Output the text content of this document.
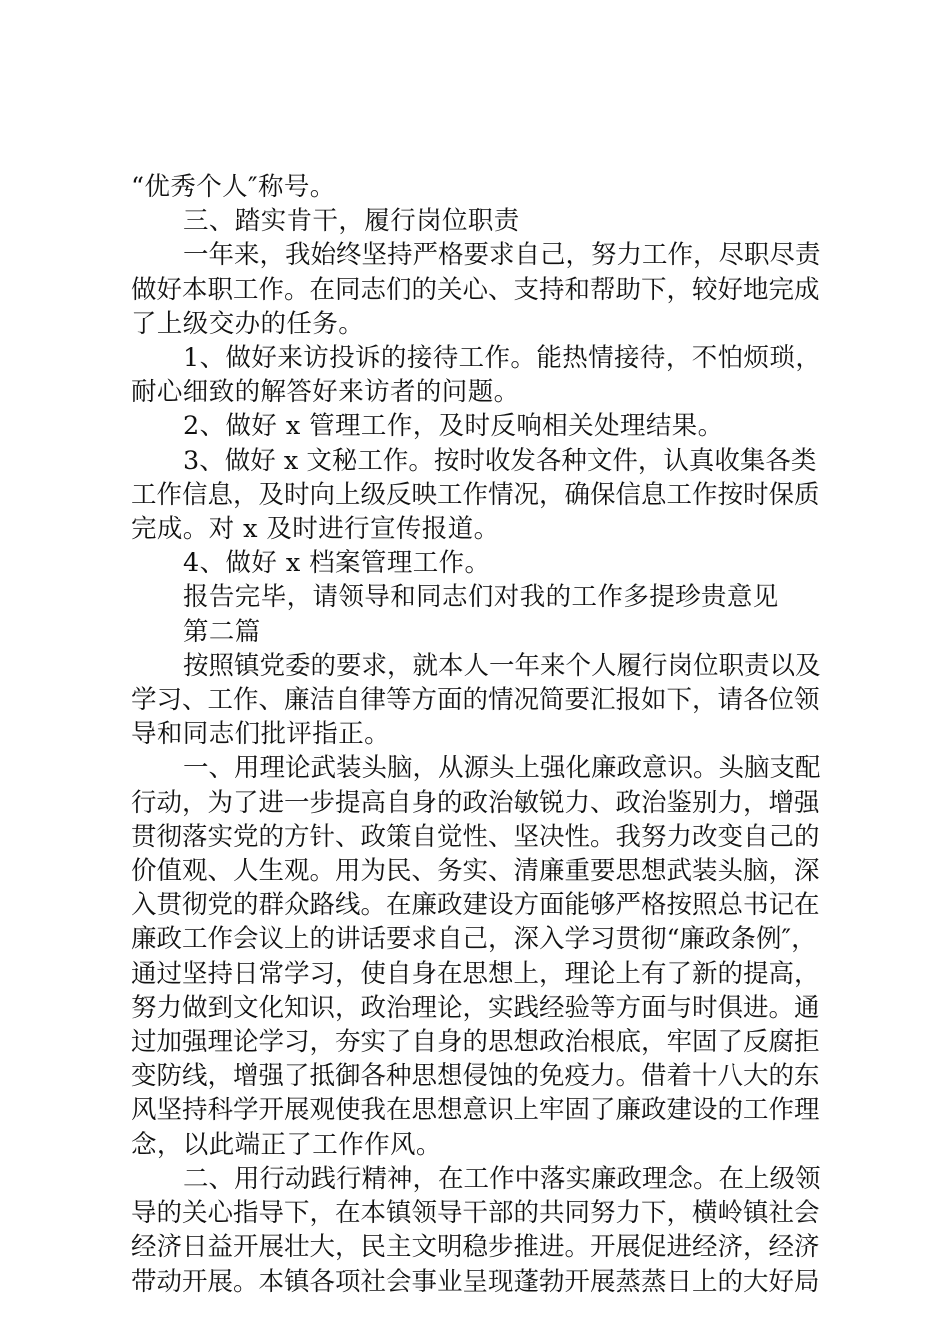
“优秀个人″称号。

三、踏实肯干，履行岗位职责

一年来，我始终坚持严格要求自己，努力工作，尽职尽责
做好本职工作。在同志们的关心、支持和帮助下，较好地完成
了上级交办的任务。

1、做好来访投诉的接待工作。能热情接待，不怕烦琐，
耐心细致的解答好来访者的问题。

2、做好 x 管理工作，及时反响相关处理结果。

3、做好 x 文秘工作。按时收发各种文件，认真收集各类
工作信息，及时向上级反映工作情况，确保信息工作按时保质
完成。对 x 及时进行宣传报道。

4、做好 x 档案管理工作。

报告完毕，请领导和同志们对我的工作多提珍贵意见

第二篇

按照镇党委的要求，就本人一年来个人履行岗位职责以及
学习、工作、廉洁自律等方面的情况简要汇报如下，请各位领
导和同志们批评指正。

一、用理论武装头脑，从源头上强化廉政意识。头脑支配
行动，为了进一步提高自身的政治敏锐力、政治鉴别力，增强
贯彻落实党的方针、政策自觉性、坚决性。我努力改变自己的
价值观、人生观。用为民、务实、清廉重要思想武装头脑，深
入贯彻党的群众路线。在廉政建设方面能够严格按照总书记在
廉政工作会议上的讲话要求自己，深入学习贯彻“廉政条例″，
通过坚持日常学习，使自身在思想上，理论上有了新的提高，
努力做到文化知识，政治理论，实践经验等方面与时俱进。通
过加强理论学习，夯实了自身的思想政治根底，牢固了反腐拒
变防线，增强了抵御各种思想侵蚀的免疫力。借着十八大的东
风坚持科学开展观使我在思想意识上牢固了廉政建设的工作理
念，以此端正了工作作风。

二、用行动践行精神，在工作中落实廉政理念。在上级领
导的关心指导下，在本镇领导干部的共同努力下，横岭镇社会
经济日益开展壮大，民主文明稳步推进。开展促进经济，经济
带动开展。本镇各项社会事业呈现蓬勃开展蒸蒸日上的大好局
